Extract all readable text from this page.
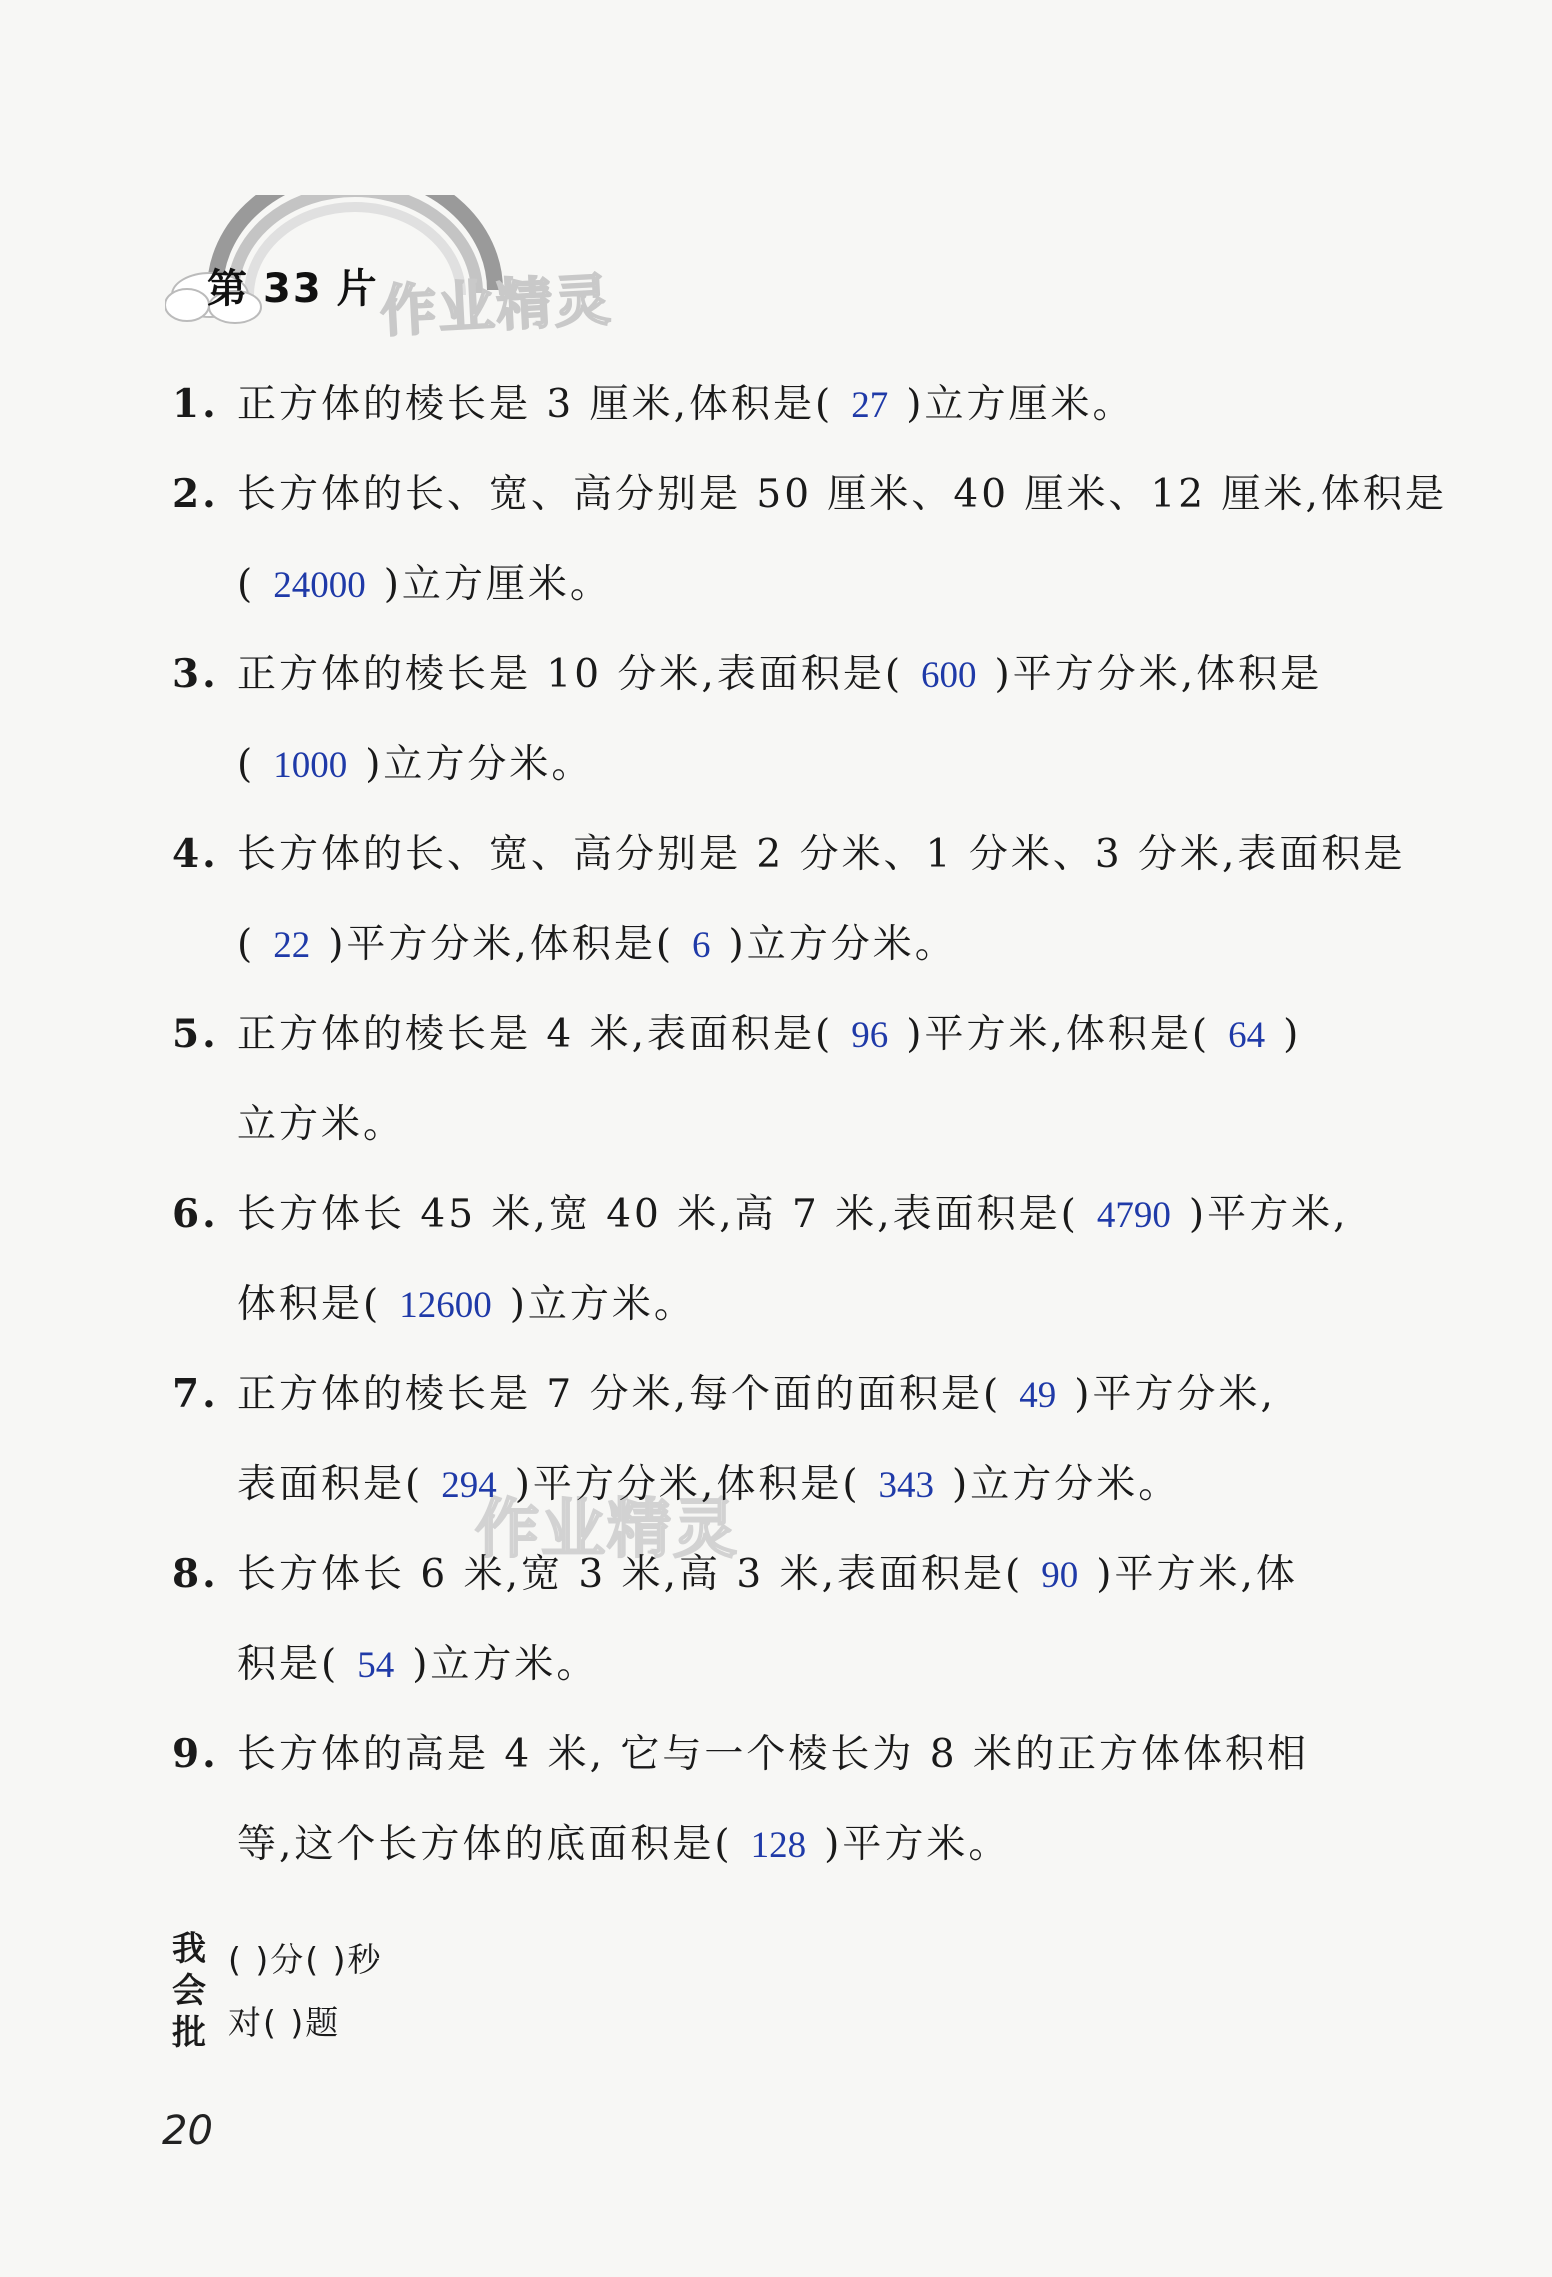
第 33 片 作业精灵
作业精灵
1. 正方体的棱长是 3 厘米,体积是( 27 )立方厘米。
2. 长方体的长、宽、高分别是 50 厘米、40 厘米、12 厘米,体积是
( 24000 )立方厘米。
3. 正方体的棱长是 10 分米,表面积是( 600 )平方分米,体积是
( 1000 )立方分米。
4. 长方体的长、宽、高分别是 2 分米、1 分米、3 分米,表面积是
( 22 )平方分米,体积是( 6 )立方分米。
5. 正方体的棱长是 4 米,表面积是( 96 )平方米,体积是( 64 )
立方米。
6. 长方体长 45 米,宽 40 米,高 7 米,表面积是( 4790 )平方米,
体积是( 12600 )立方米。
7. 正方体的棱长是 7 分米,每个面的面积是( 49 )平方分米,
表面积是( 294 )平方分米,体积是( 343 )立方分米。
8. 长方体长 6 米,宽 3 米,高 3 米,表面积是( 90 )平方米,体
积是( 54 )立方米。
9. 长方体的高是 4 米, 它与一个棱长为 8 米的正方体体积相
等,这个长方体的底面积是( 128 )平方米。
我
会
批
( )分( )秒
对( )题
20
